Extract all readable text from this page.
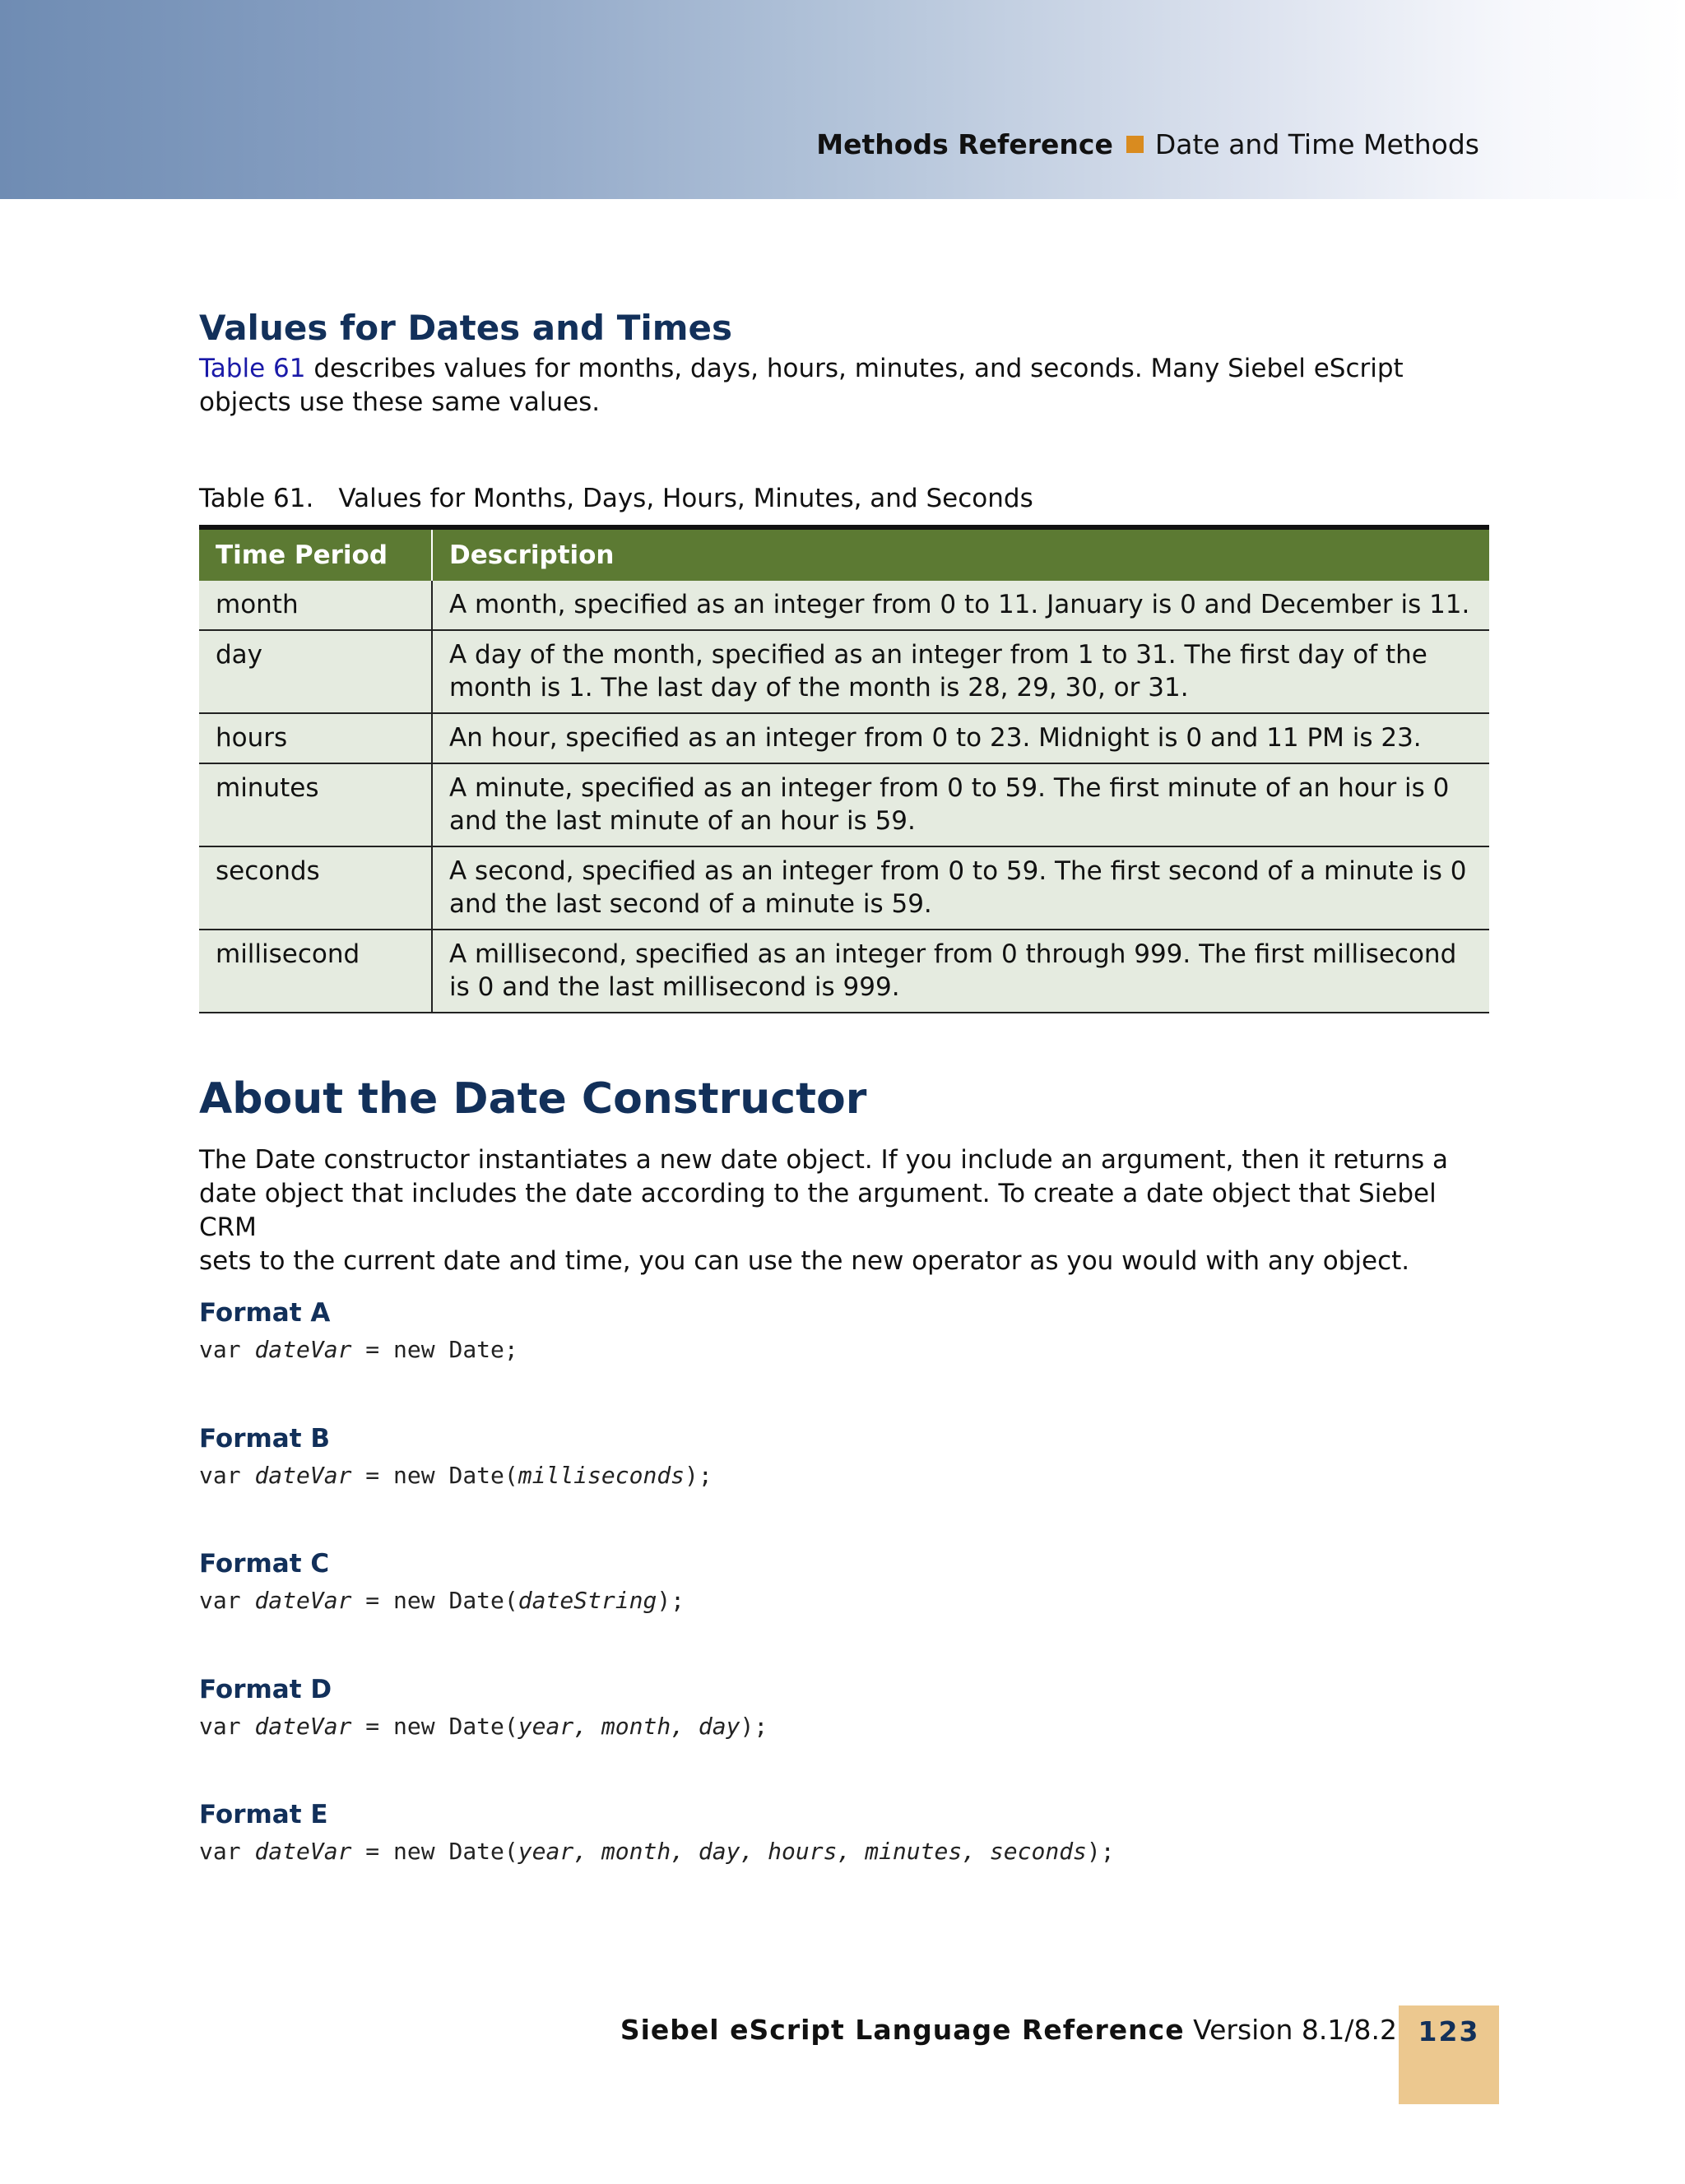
Methods Reference Date and Time Methods
Values for Dates and Times

Table 61 describes values for months, days, hours, minutes, and seconds. Many Siebel eScript
objects use these same values.

Table 61. Values for Months, Days, Hours, Minutes, and Seconds
Time Period	Description
month	A month, specified as an integer from 0 to 11. January is 0 and December is 11.
day	A day of the month, specified as an integer from 1 to 31. The first day of the
month is 1. The last day of the month is 28, 29, 30, or 31.
hours	An hour, specified as an integer from 0 to 23. Midnight is 0 and 11 PM is 23.
minutes	A minute, specified as an integer from 0 to 59. The first minute of an hour is 0
and the last minute of an hour is 59.
seconds	A second, specified as an integer from 0 to 59. The first second of a minute is 0
and the last second of a minute is 59.
millisecond	A millisecond, specified as an integer from 0 through 999. The first millisecond
is 0 and the last millisecond is 999.
About the Date Constructor

The Date constructor instantiates a new date object. If you include an argument, then it returns a
date object that includes the date according to the argument. To create a date object that Siebel CRM
sets to the current date and time, you can use the new operator as you would with any object.

Format A
var dateVar = new Date;
Format B
var dateVar = new Date(milliseconds);
Format C
var dateVar = new Date(dateString);
Format D
var dateVar = new Date(year, month, day);
Format E
var dateVar = new Date(year, month, day, hours, minutes, seconds);
Siebel eScript Language Reference Version 8.1/8.2 123
